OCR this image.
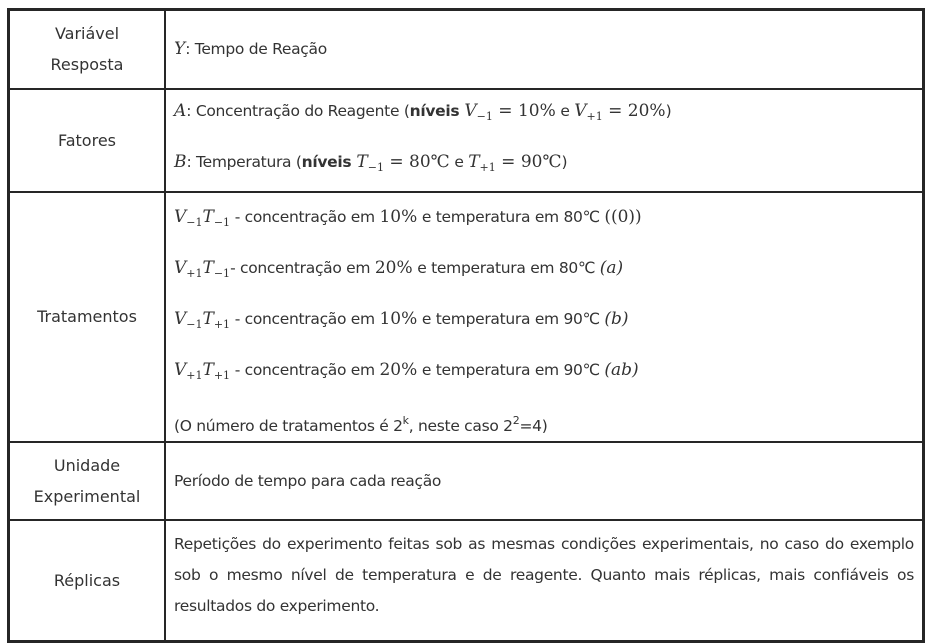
Variável
Resposta	Y: Tempo de Reação
Fatores	A: Concentração do Reagente (níveis $V_{-1} = 10\%$ e $V_{+1} = 20\%$)
B: Temperatura (níveis $T_{-1}$ = 80℃ e $T_{+1}$ = 90℃)

Tratamentos	$V_{-1}T_{-1}$ - concentração em 10% e temperatura em 80℃ ((0))
$V_{+1}T_{-1}-$ concentração em 20% e temperatura em 80℃ (a)
$V_{-1}T_{+1}$ - concentração em 10% e temperatura em 90℃ (b)
$V_{+1}T_{+1}$ - concentração em 20% e temperatura em 90℃ (ab)
(O número de tratamentos é 2$^k$, neste caso $2^2=4$)

Unidade
Experimental	Período de tempo para cada reação
Réplicas	Repetições do experimento feitas sob as mesmas condições experimentais, no caso do exemplo sob o mesmo nível de temperatura e de reagente. Quanto mais réplicas, mais confiáveis os resultados do experimento.
